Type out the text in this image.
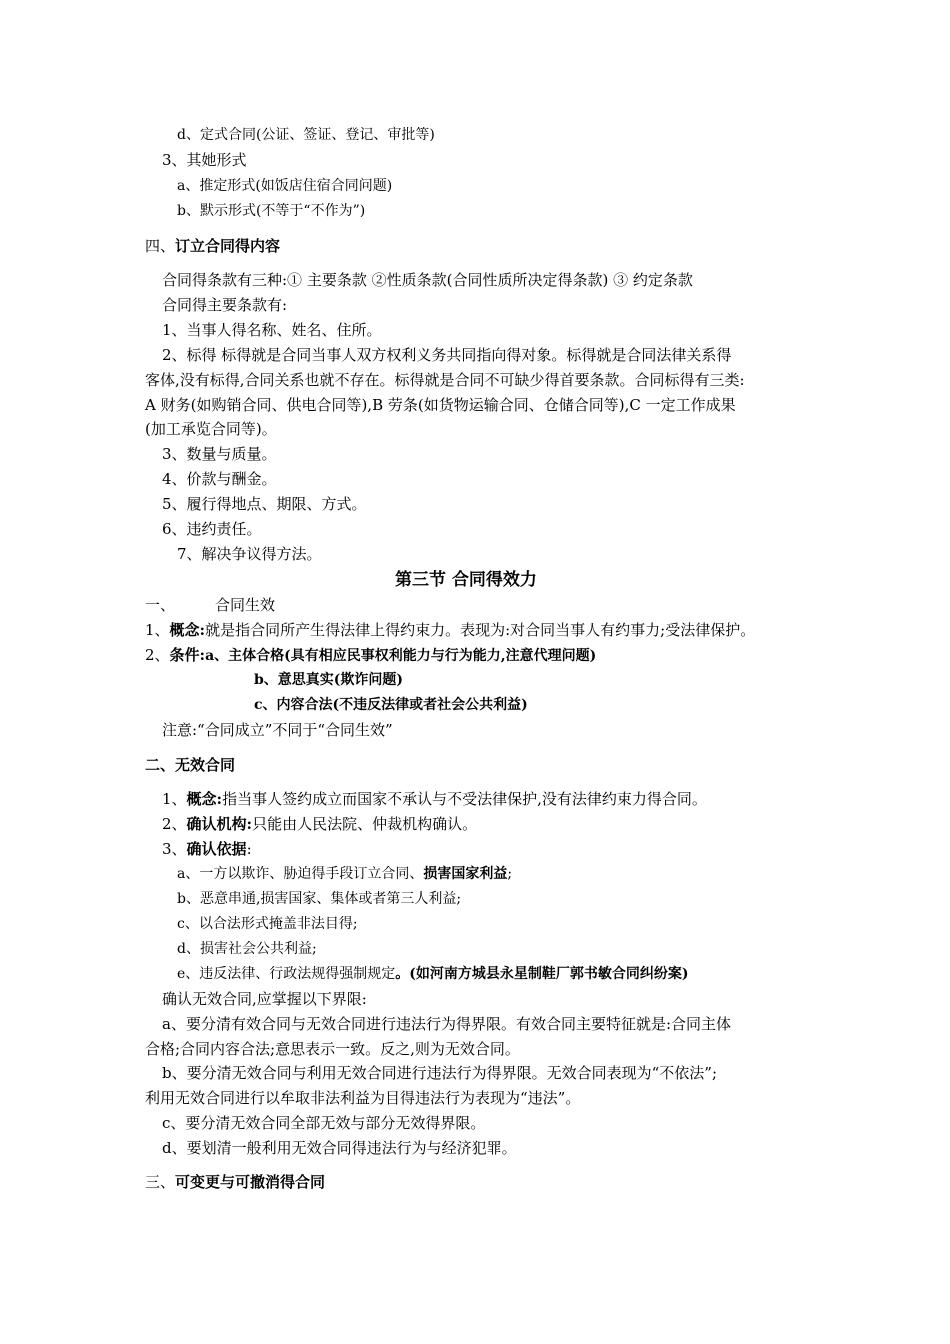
d、定式合同(公证、签证、登记、审批等)
3、其她形式
a、推定形式(如饭店住宿合同问题)
b、默示形式(不等于“不作为”)
四、订立合同得内容
合同得条款有三种:① 主要条款 ②性质条款(合同性质所决定得条款) ③ 约定条款
合同得主要条款有:
1、当事人得名称、姓名、住所。
2、标得 标得就是合同当事人双方权利义务共同指向得对象。标得就是合同法律关系得
客体,没有标得,合同关系也就不存在。标得就是合同不可缺少得首要条款。合同标得有三类:
A 财务(如购销合同、供电合同等),B 劳条(如货物运输合同、仓储合同等),C 一定工作成果
(加工承览合同等)。
3、数量与质量。
4、价款与酬金。
5、履行得地点、期限、方式。
6、违约责任。
7、解决争议得方法。
第三节 合同得效力
一、	合同生效
1、概念:就是指合同所产生得法律上得约束力。表现为:对合同当事人有约事力;受法律保护。
2、条件:a、主体合格(具有相应民事权利能力与行为能力,注意代理问题)
b、意思真实(欺诈问题)
c、内容合法(不违反法律或者社会公共利益)
注意:“合同成立”不同于“合同生效”
二、无效合同
1、概念:指当事人签约成立而国家不承认与不受法律保护,没有法律约束力得合同。
2、确认机构:只能由人民法院、仲裁机构确认。
3、确认依据:
a、一方以欺诈、胁迫得手段订立合同、损害国家利益;
b、恶意串通,损害国家、集体或者第三人利益;
c、以合法形式掩盖非法目得;
d、损害社会公共利益;
e、违反法律、行政法规得强制规定。(如河南方城县永星制鞋厂郭书敏合同纠纷案)
确认无效合同,应掌握以下界限:
a、要分清有效合同与无效合同进行违法行为得界限。有效合同主要特征就是:合同主体
合格;合同内容合法;意思表示一致。反之,则为无效合同。
b、要分清无效合同与利用无效合同进行违法行为得界限。无效合同表现为“不依法”;
利用无效合同进行以牟取非法利益为目得违法行为表现为“违法”。
c、要分清无效合同全部无效与部分无效得界限。
d、要划清一般利用无效合同得违法行为与经济犯罪。
三、可变更与可撤消得合同
